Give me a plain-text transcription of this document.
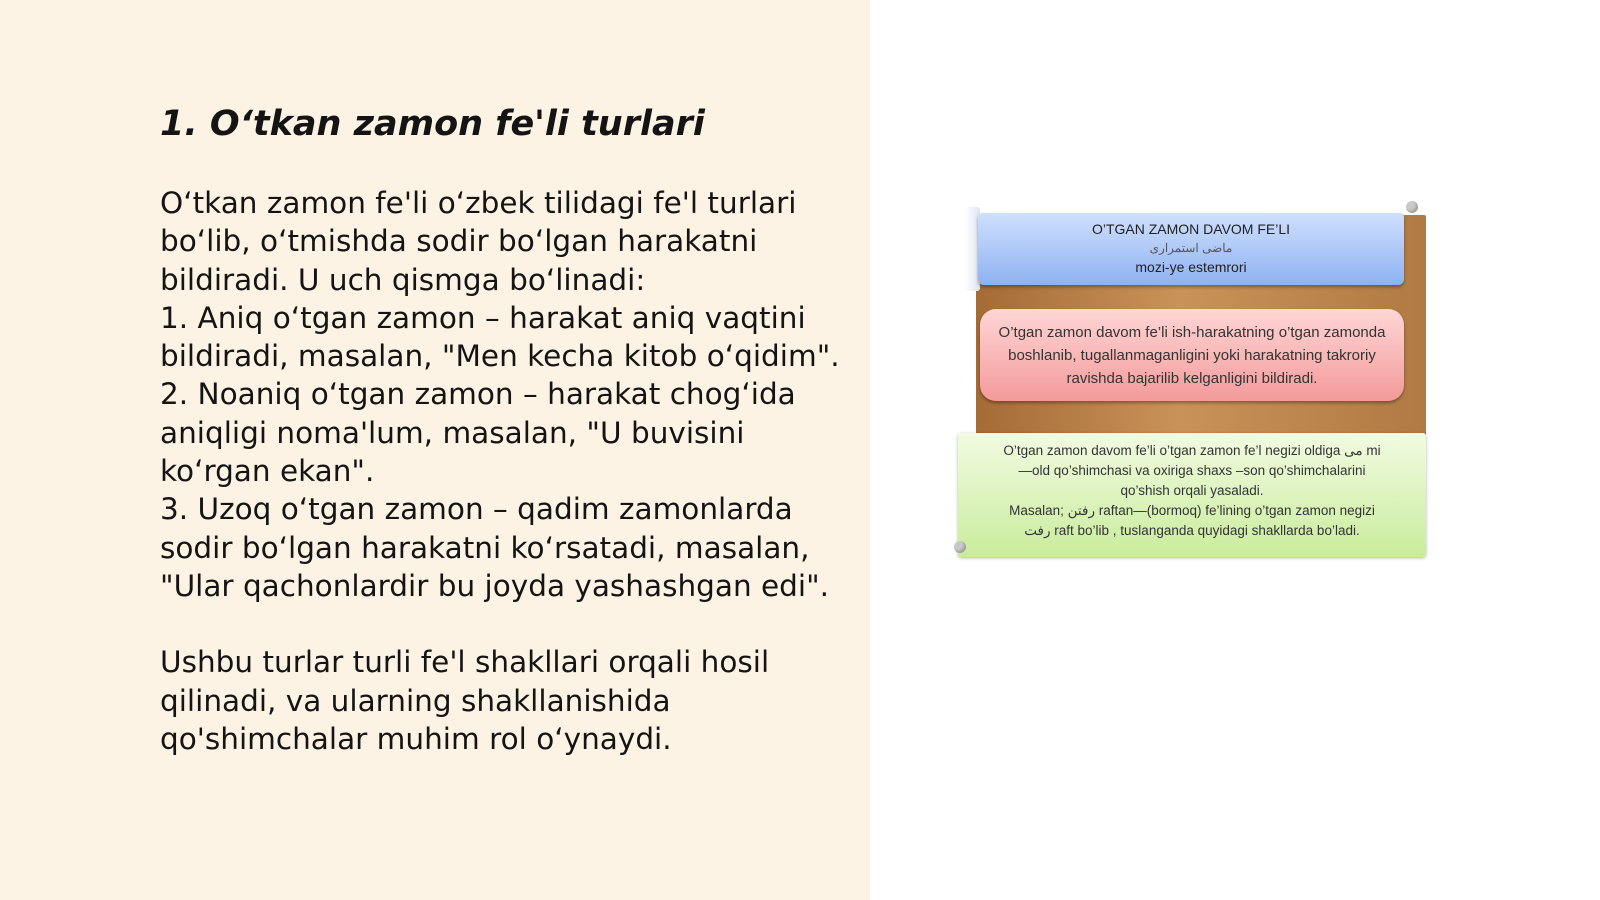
1. O‘tkan zamon fe'li turlari

O‘tkan zamon fe'li o‘zbek tilidagi fe'l turlari bo‘lib, o‘tmishda sodir bo‘lgan harakatni bildiradi. U uch qismga bo‘linadi:

1. Aniq o‘tgan zamon – harakat aniq vaqtini bildiradi, masalan, "Men kecha kitob o‘qidim".

2. Noaniq o‘tgan zamon – harakat chog‘ida aniqligi noma'lum, masalan, "U buvisini ko‘rgan ekan".

3. Uzoq o‘tgan zamon – qadim zamonlarda sodir bo‘lgan harakatni ko‘rsatadi, masalan, "Ular qachonlardir bu joyda yashashgan edi".

Ushbu turlar turli fe'l shakllari orqali hosil qilinadi, va ularning shakllanishida qo'shimchalar muhim rol o‘ynaydi.

O’TGAN ZAMON DAVOM FE’LI
ماضی استمراری
mozi-ye estemrori
O’tgan zamon davom fe’li ish-harakatning o’tgan zamonda boshlanib, tugallanmaganligini yoki harakatning takroriy ravishda bajarilib kelganligini bildiradi.
O’tgan zamon davom fe’li o’tgan zamon fe’l negizi oldiga می mi
—old qo’shimchasi va oxiriga shaxs –son qo’shimchalarini
qo’shish orqali yasaladi.
Masalan; رفتن raftan—(bormoq) fe’lining o’tgan zamon negizi
رفت raft bo’lib , tuslanganda quyidagi shakllarda bo’ladi.
